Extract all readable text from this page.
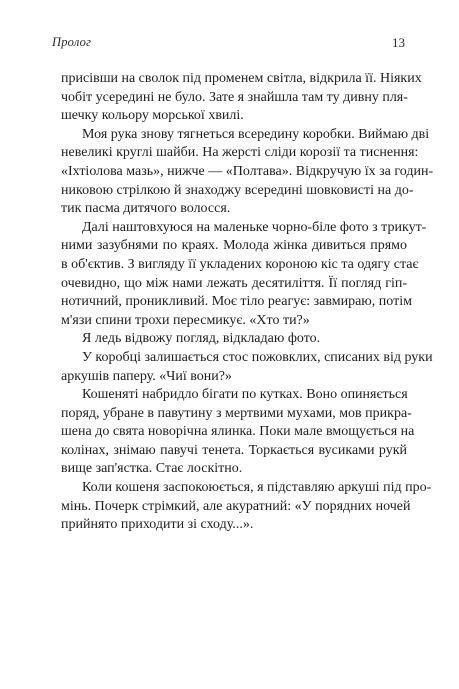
Пролог	13
присівши на сволок під променем світла, відкрила її. Ніяких
чобіт усередині не було. Зате я знайшла там ту дивну пля-
шечку кольору морської хвилі.
Моя рука знову тягнеться всередину коробки. Виймаю дві
невеликі круглі шайби. На жерсті сліди корозії та тиснення:
«Іхтіолова мазь», нижче — «Полтава». Відкручую їх за годин-
никовою стрілкою й знаходжу всередині шовковисті на до-
тик пасма дитячого волосся.
Далі наштовхуюся на маленьке чорно-біле фото з трикут-
ними зазубнями по краях. Молода жінка дивиться прямо
в об'єктив. З вигляду її укладених короною кіс та одягу стає
очевидно, що між нами лежать десятиліття. Її погляд гіп-
нотичний, проникливий. Моє тіло реагує: завмираю, потім
м'язи спини трохи пересмикує. «Хто ти?»
Я ледь відвожу погляд, відкладаю фото.
У коробці залишається стос пожовклих, списаних від руки
аркушів паперу. «Чиї вони?»
Кошеняті набридло бігати по кутках. Воно опиняється
поряд, убране в павутину з мертвими мухами, мов прикра-
шена до свята новорічна ялинка. Поки мале вмощується на
колінах, знімаю павучі тенета. Торкається вусиками рукй
вище зап'ястка. Стає лоскітно.
Коли кошеня заспокоюється, я підставляю аркуші під про-
мінь. Почерк стрімкий, але акуратний: «У порядних ночей
прийнято приходити зі сходу...».
